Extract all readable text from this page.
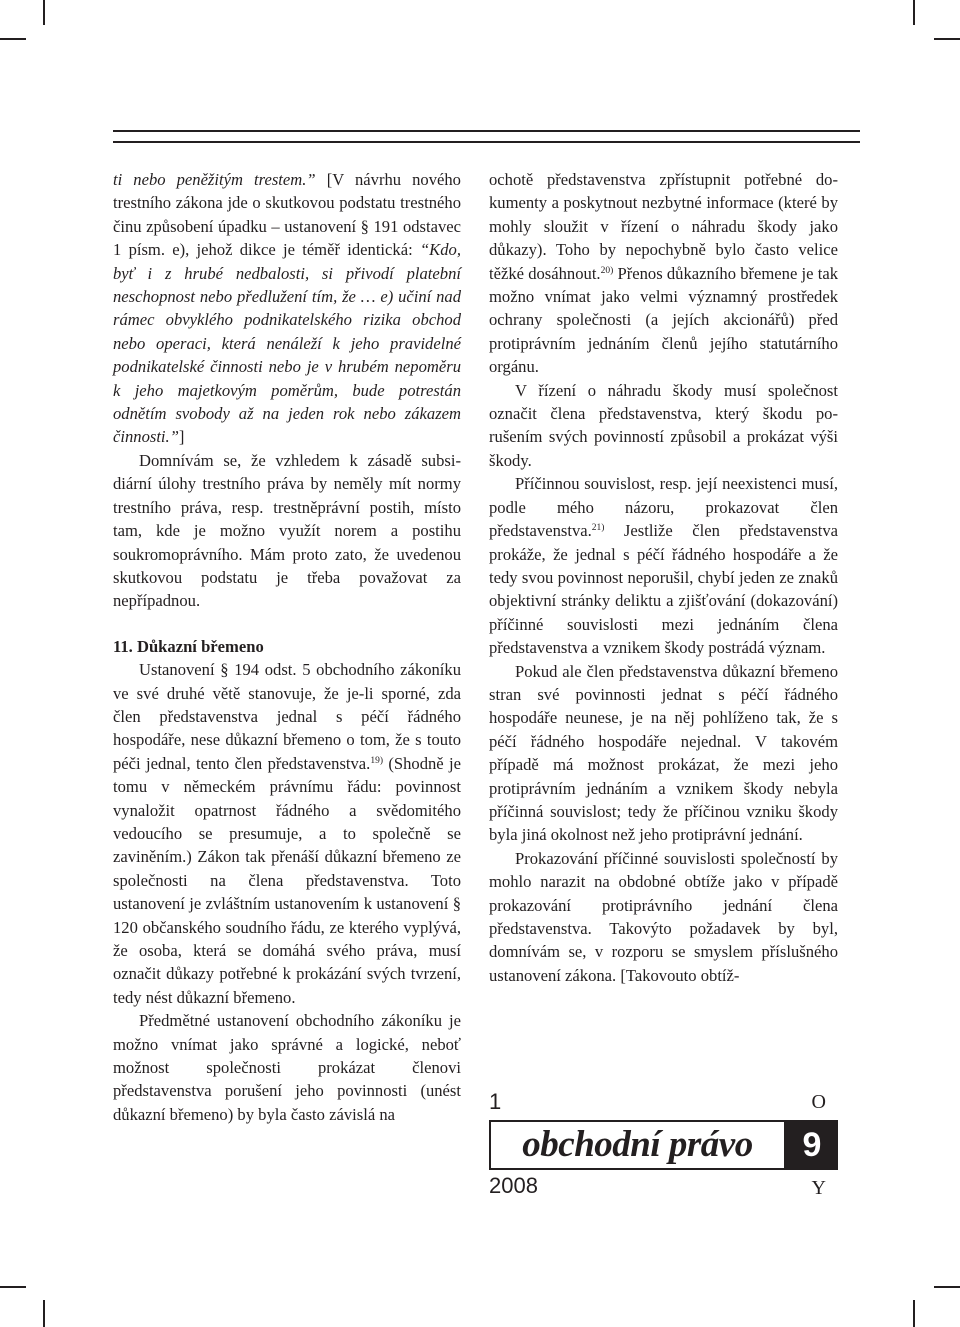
ti nebo peněžitým trestem.” [V návrhu nového trestního zákona jde o skutkovou podstatu trestného činu způsobení úpadku – ustanovení § 191 odstavec 1 písm. e), jehož dikce je téměř identická: “Kdo, byť i z hrubé nedbalosti, si přivodí platební neschopnost nebo předlužení tím, že … e) učiní nad rámec obvyklého podnikatelského rizika obchod nebo operaci, která nenáleží k jeho pravidelné podnikatelské činnosti nebo je v hrubém nepoměru k jeho majetkovým poměrům, bude potrestán odnětím svobody až na jeden rok nebo zákazem činnosti.”]

Domnívám se, že vzhledem k zásadě subsidiární úlohy trestního práva by neměly mít normy trestního práva, resp. trestněprávní postih, místo tam, kde je možno využít norem a postihu soukromoprávního. Mám proto zato, že uvedenou skutkovou podstatu je třeba považovat za nepřípadnou.

11. Důkazní břemeno

Ustanovení § 194 odst. 5 obchodního zákoníku ve své druhé větě stanovuje, že je-li sporné, zda člen představenstva jednal s péčí řádného hospodáře, nese důkazní břemeno o tom, že s touto péči jednal, tento člen představenstva.$^{19)}$ (Shodně je tomu v německém právnímu řádu: povinnost vynaložit opatrnost řádného a svědomitého vedoucího se presumuje, a to společně se zaviněním.) Zákon tak přenáší důkazní břemeno ze společnosti na člena představenstva. Toto ustanovení je zvláštním ustanovením k ustanovení § 120 občanského soudního řádu, ze kterého vyplývá, že osoba, která se domáhá svého práva, musí označit důkazy potřebné k prokázání svých tvrzení, tedy nést důkazní břemeno.

Předmětné ustanovení obchodního zákoníku je možno vnímat jako správné a logické, neboť možnost společnosti prokázat členovi představenstva porušení jeho povinnosti (unést důkazní břemeno) by byla často závislá na

ochotě představenstva zpřístupnit potřebné dokumenty a poskytnout nezbytné informace (které by mohly sloužit v řízení o náhradu škody jako důkazy). Toho by nepochybně bylo často velice těžké dosáhnout.$^{20)}$ Přenos důkazního břemene je tak možno vnímat jako velmi významný prostředek ochrany společnosti (a jejích akcionářů) před protiprávním jednáním členů jejího statutárního orgánu.

V řízení o náhradu škody musí společnost označit člena představenstva, který škodu porušením svých povinností způsobil a prokázat výši škody.

Příčinnou souvislost, resp. její neexistenci musí, podle mého názoru, prokazovat člen představenstva.$^{21)}$ Jestliže člen představenstva prokáže, že jednal s péčí řádného hospodáře a že tedy svou povinnost neporušil, chybí jeden ze znaků objektivní stránky deliktu a zjišťování (dokazování) příčinné souvislosti mezi jednáním člena představenstva a vznikem škody postrádá význam.

Pokud ale člen představenstva důkazní břemeno stran své povinnosti jednat s péčí řádného hospodáře neunese, je na něj pohlíženo tak, že s péčí řádného hospodáře nejednal. V takovém případě má možnost prokázat, že mezi jeho protiprávním jednáním a vznikem škody nebyla příčinná souvislost; tedy že příčinou vzniku škody byla jiná okolnost než jeho protiprávní jednání.

Prokazování příčinné souvislosti společností by mohlo narazit na obdobné obtíže jako v případě prokazování protiprávního jednání člena představenstva. Takovýto požadavek by byl, domnívám se, v rozporu se smyslem příslušného ustanovení zákona. [Takovouto obtíž-

1	O
obchodní právo	9
2008	Y
